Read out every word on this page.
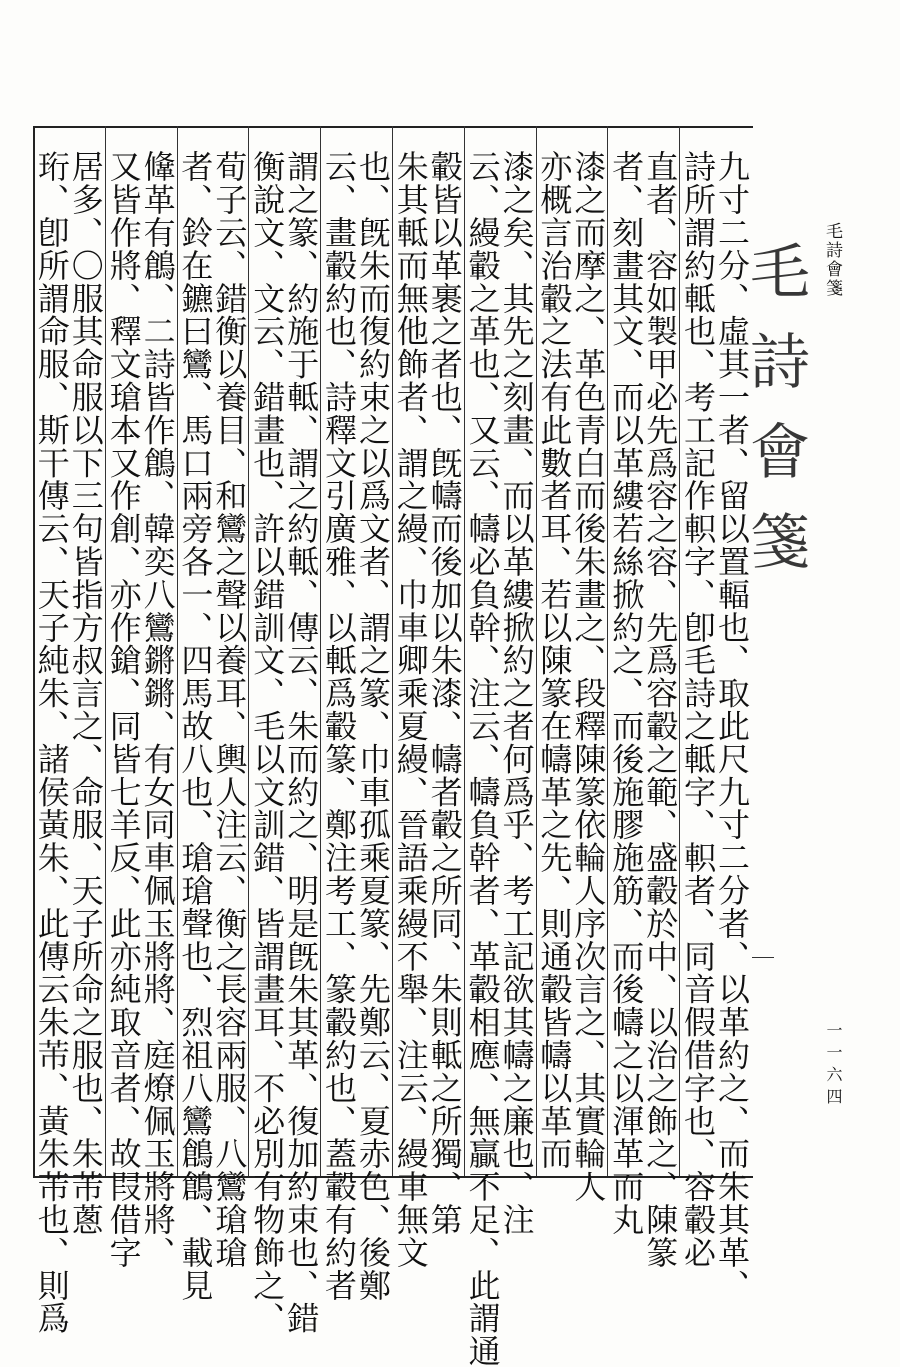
毛詩會箋
一一六四
毛詩會箋
九寸二分、虛其一者、留以置輻也、取此尺九寸二分者、以革約之、而朱其革、
詩所謂約軧也、考工記作軹字、卽毛詩之軧字、軹者、同音假借字也、容轂必
直者、容如製甲必先爲容之容、先爲容轂之範、盛轂於中、以治之飾之、陳篆
者、刻畫其文、而以革縷若絲掀約之、而後施膠施筋、而後幬之以渾革而丸
漆之而摩之、革色青白而後朱畫之、段釋陳篆依輪人序次言之、其實輪人
亦概言治轂之法有此數者耳、若以陳篆在幬革之先、則通轂皆幬以革而
漆之矣、其先之刻畫、而以革縷掀約之者何爲乎、考工記欲其幬之廉也、注
云、縵轂之革也、又云、幬必負幹、注云、幬負幹者、革轂相應、無贏不足、此謂通
轂皆以革裹之者也、旣幬而後加以朱漆、幬者轂之所同、朱則軧之所獨、第
朱其軧而無他飾者、謂之縵、巾車卿乘夏縵、晉語乘縵不舉、注云、縵車無文
也、旣朱而復約束之以爲文者、謂之篆、巾車孤乘夏篆、先鄭云、夏赤色、後鄭
云、畫轂約也、詩釋文引廣雅、以軧爲轂篆、鄭注考工、篆轂約也、蓋轂有約者
謂之篆、約施于軧、謂之約軧、傳云、朱而約之、明是旣朱其革、復加約束也、錯
衡說文、文云、錯畫也、許以錯訓文、毛以文訓錯、皆謂畫耳、不必別有物飾之、
荀子云、錯衡以養目、和鸞之聲以養耳、輿人注云、衡之長容兩服、八鸞瑲瑲
者、鈴在鑣曰鸞、馬口兩旁各一、四馬故八也、瑲瑲聲也、烈祖八鸞鶬鶬、載見
鞗革有鶬、二詩皆作鶬、韓奕八鸞鏘鏘、有女同車佩玉將將、庭燎佩玉將將、
又皆作將、釋文瑲本又作創、亦作鎗、同皆七羊反、此亦純取音者、故叚借字
居多、〇服其命服以下三句皆指方叔言之、命服、天子所命之服也、朱芾蔥
珩、卽所謂命服、斯干傳云、天子純朱、諸侯黃朱、此傳云朱芾、黃朱芾也、則爲
